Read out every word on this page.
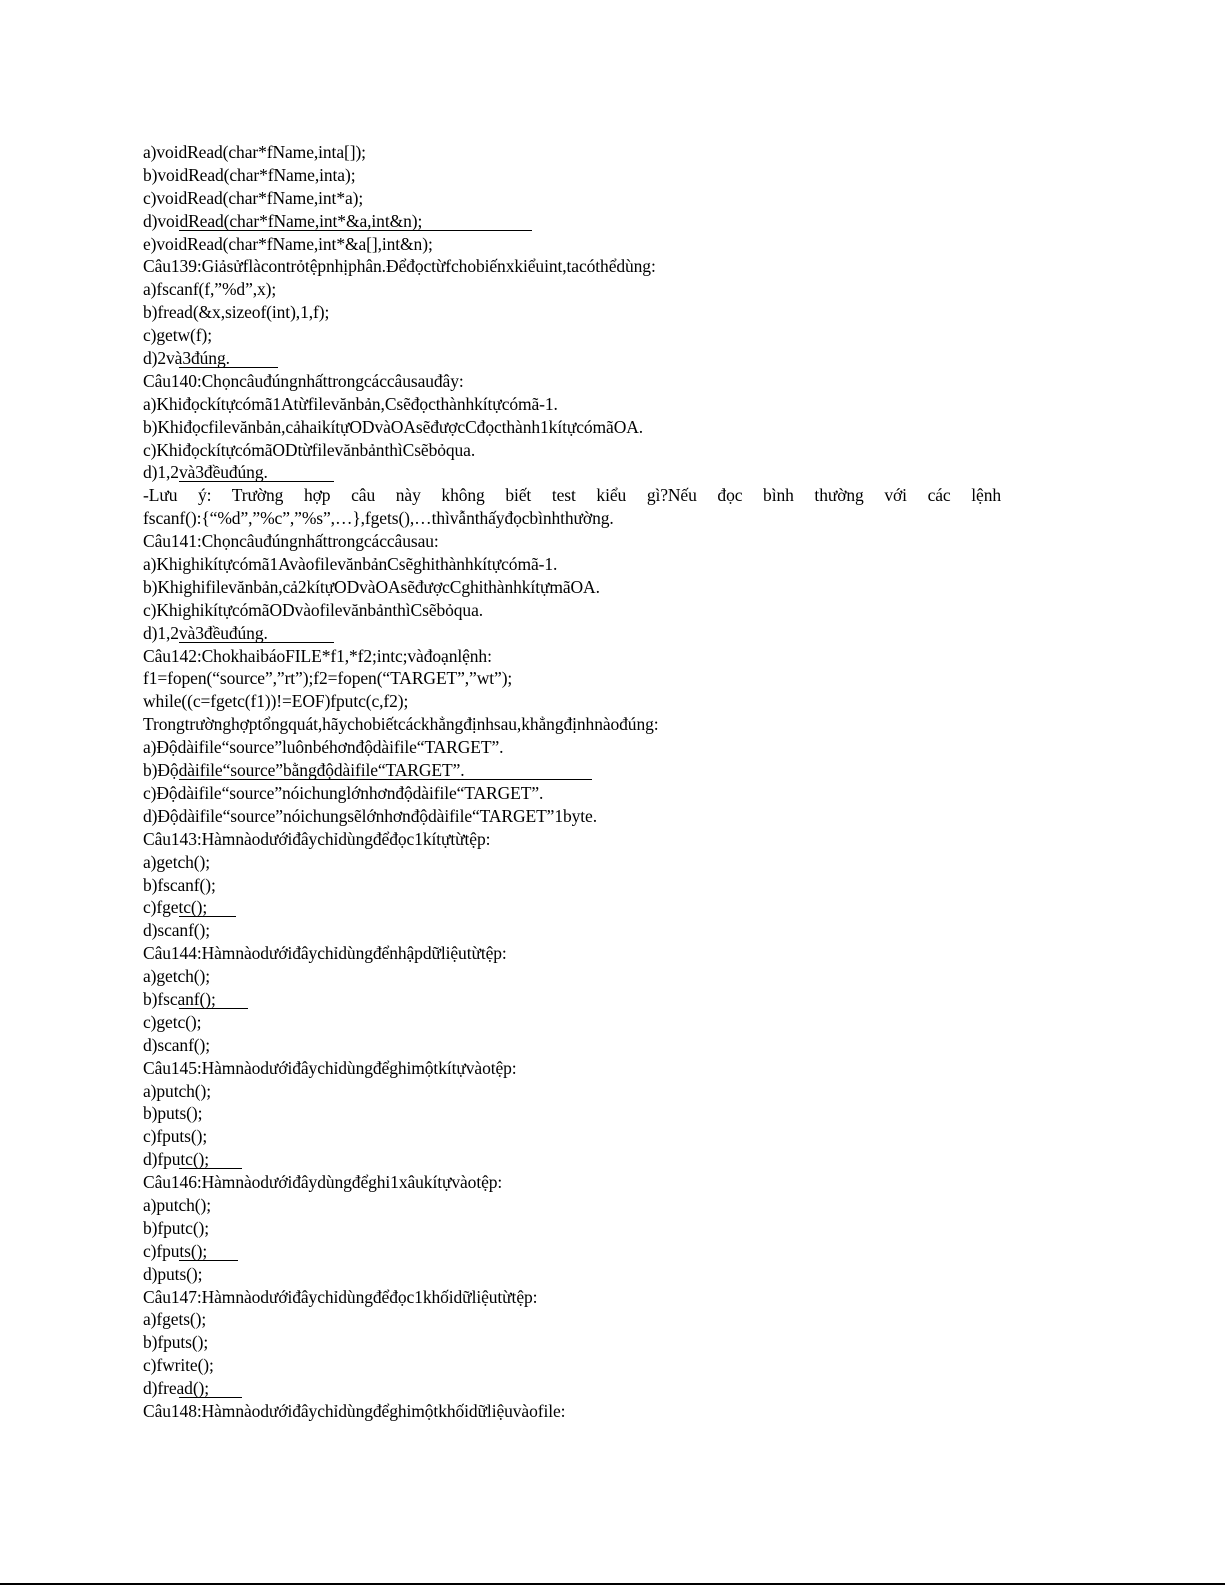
a)voidRead(char*fName,inta[]);
b)voidRead(char*fName,inta);
c)voidRead(char*fName,int*a);
d)voidRead(char*fName,int*&a,int&n);
e)voidRead(char*fName,int*&a[],int&n);
Câu139:Giảsửflàcontrỏtệpnhịphân.Đểđọctừfchobiếnxkiểuint,tacóthểdùng:
a)fscanf(f,”%d”,x);
b)fread(&x,sizeof(int),1,f);
c)getw(f);
d)2và3đúng.
Câu140:Chọncâuđúngnhấttrongcáccâusauđây:
a)Khiđọckítựcómã1Atừfilevănbản,Csẽđọcthànhkítựcómã-1.
b)Khiđọcfilevănbản,cảhaikítựODvàOAsẽđượcCđọcthành1kítựcómãOA.
c)KhiđọckítựcómãODtừfilevănbảnthìCsẽbỏqua.
d)1,2và3đềuđúng.
-Lưu ý: Trường hợp câu này không biết test kiểu gì?Nếu đọc bình thường với các lệnh
fscanf():{“%d”,”%c”,”%s”,…},fgets(),…thìvẫnthấyđọcbìnhthường.
Câu141:Chọncâuđúngnhấttrongcáccâusau:
a)Khighikítựcómã1AvàofilevănbảnCsẽghithànhkítựcómã-1.
b)Khighifilevănbản,cả2kítựODvàOAsẽđượcCghithànhkítựmãOA.
c)KhighikítựcómãODvàofilevănbảnthìCsẽbỏqua.
d)1,2và3đềuđúng.
Câu142:ChokhaibáoFILE*f1,*f2;intc;vàđoạnlệnh:
f1=fopen(“source”,”rt”);f2=fopen(“TARGET”,”wt”);
while((c=fgetc(f1))!=EOF)fputc(c,f2);
Trongtrườnghợptổngquát,hãychobiếtcáckhẳngđịnhsau,khẳngđịnhnàođúng:
a)Độdàifile“source”luônbéhơnđộdàifile“TARGET”.
b)Độdàifile“source”bằngđộdàifile“TARGET”.
c)Độdàifile“source”nóichunglớnhơnđộdàifile“TARGET”.
d)Độdàifile“source”nóichungsẽlớnhơnđộdàifile“TARGET”1byte.
Câu143:Hàmnàodướiđâychỉdùngđểđọc1kítựtừtệp:
a)getch();
b)fscanf();
c)fgetc();
d)scanf();
Câu144:Hàmnàodướiđâychỉdùngđểnhậpdữliệutừtệp:
a)getch();
b)fscanf();
c)getc();
d)scanf();
Câu145:Hàmnàodướiđâychỉdùngđểghimộtkítựvàotệp:
a)putch();
b)puts();
c)fputs();
d)fputc();
Câu146:Hàmnàodướiđâydùngđểghi1xâukítựvàotệp:
a)putch();
b)fputc();
c)fputs();
d)puts();
Câu147:Hàmnàodướiđâychỉdùngđểđọc1khốidữliệutừtệp:
a)fgets();
b)fputs();
c)fwrite();
d)fread();
Câu148:Hàmnàodướiđâychỉdùngđểghimộtkhốidữliệuvàofile:
